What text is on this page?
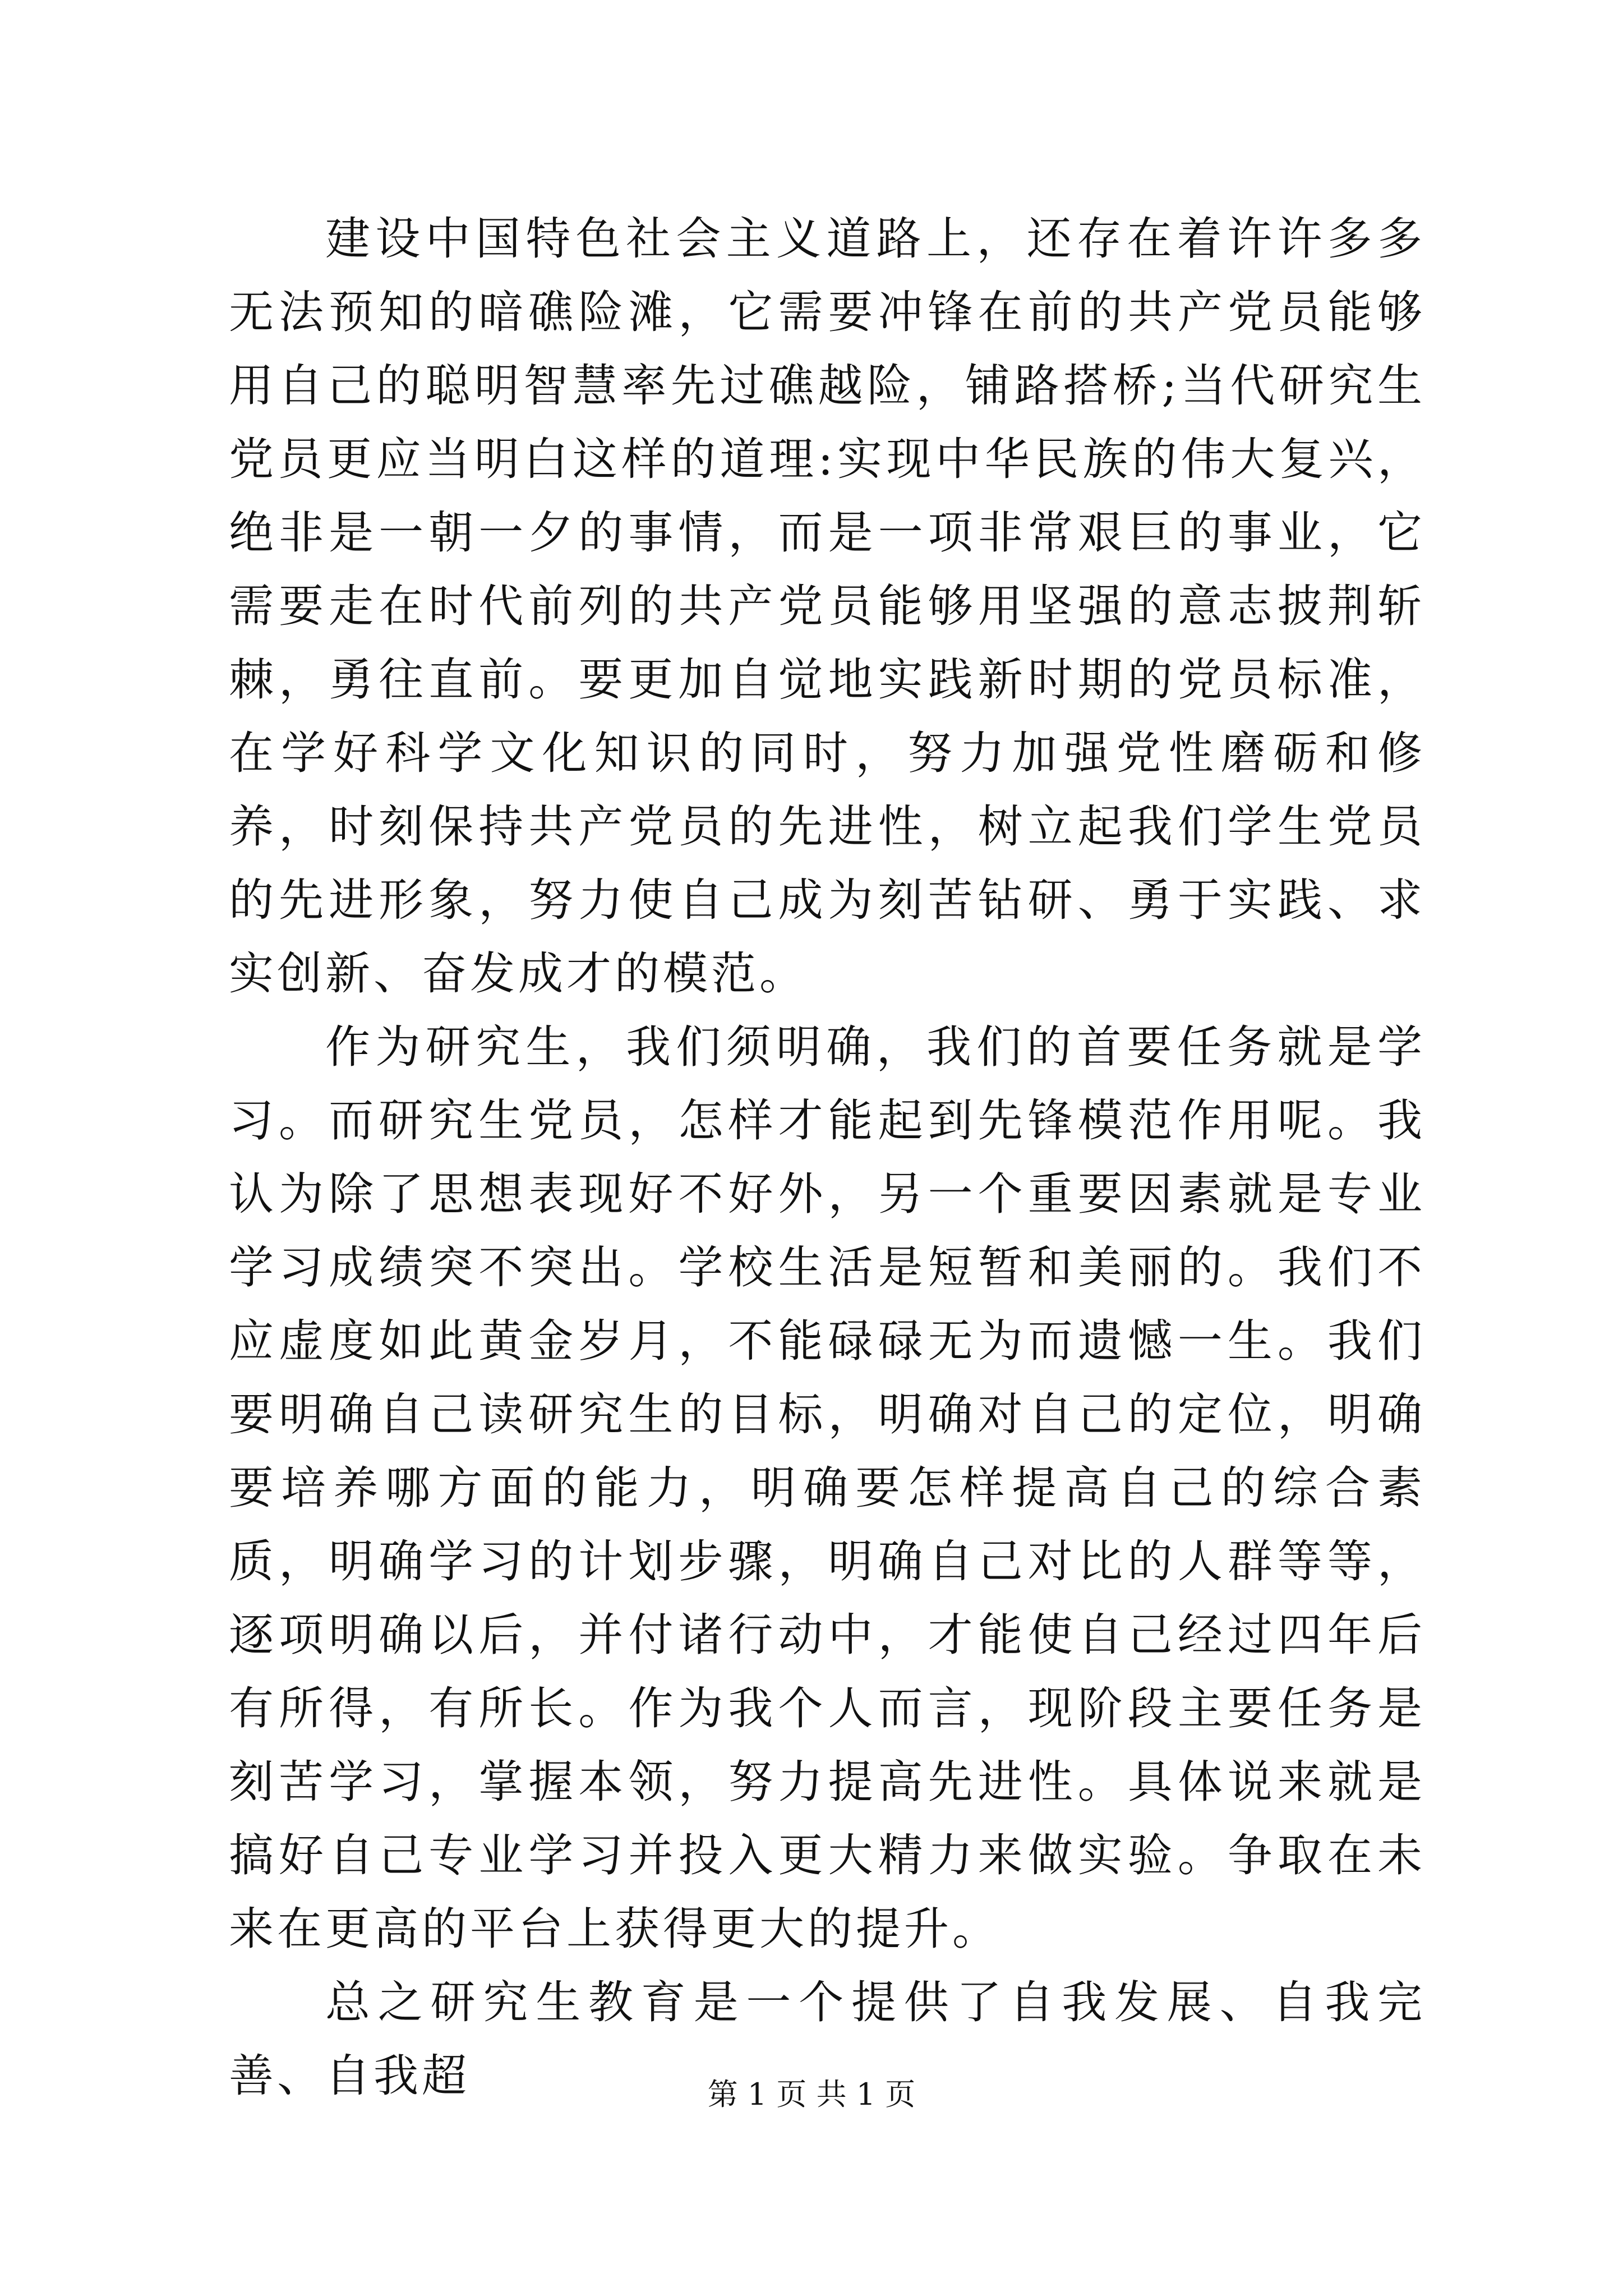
建设中国特色社会主义道路上，还存在着许许多多无法预知的暗礁险滩，它需要冲锋在前的共产党员能够用自己的聪明智慧率先过礁越险，铺路搭桥;当代研究生党员更应当明白这样的道理:实现中华民族的伟大复兴，绝非是一朝一夕的事情，而是一项非常艰巨的事业，它需要走在时代前列的共产党员能够用坚强的意志披荆斩棘，勇往直前。要更加自觉地实践新时期的党员标准，在学好科学文化知识的同时，努力加强党性磨砺和修养，时刻保持共产党员的先进性，树立起我们学生党员的先进形象，努力使自己成为刻苦钻研、勇于实践、求实创新、奋发成才的模范。

作为研究生，我们须明确，我们的首要任务就是学习。而研究生党员，怎样才能起到先锋模范作用呢。我认为除了思想表现好不好外，另一个重要因素就是专业学习成绩突不突出。学校生活是短暂和美丽的。我们不应虚度如此黄金岁月，不能碌碌无为而遗憾一生。我们要明确自己读研究生的目标，明确对自己的定位，明确要培养哪方面的能力，明确要怎样提高自己的综合素质，明确学习的计划步骤，明确自己对比的人群等等，逐项明确以后，并付诸行动中，才能使自己经过四年后有所得，有所长。作为我个人而言，现阶段主要任务是刻苦学习，掌握本领，努力提高先进性。具体说来就是搞好自己专业学习并投入更大精力来做实验。争取在未来在更高的平台上获得更大的提升。

总之研究生教育是一个提供了自我发展、自我完善、自我超	第 1 页 共 1 页
